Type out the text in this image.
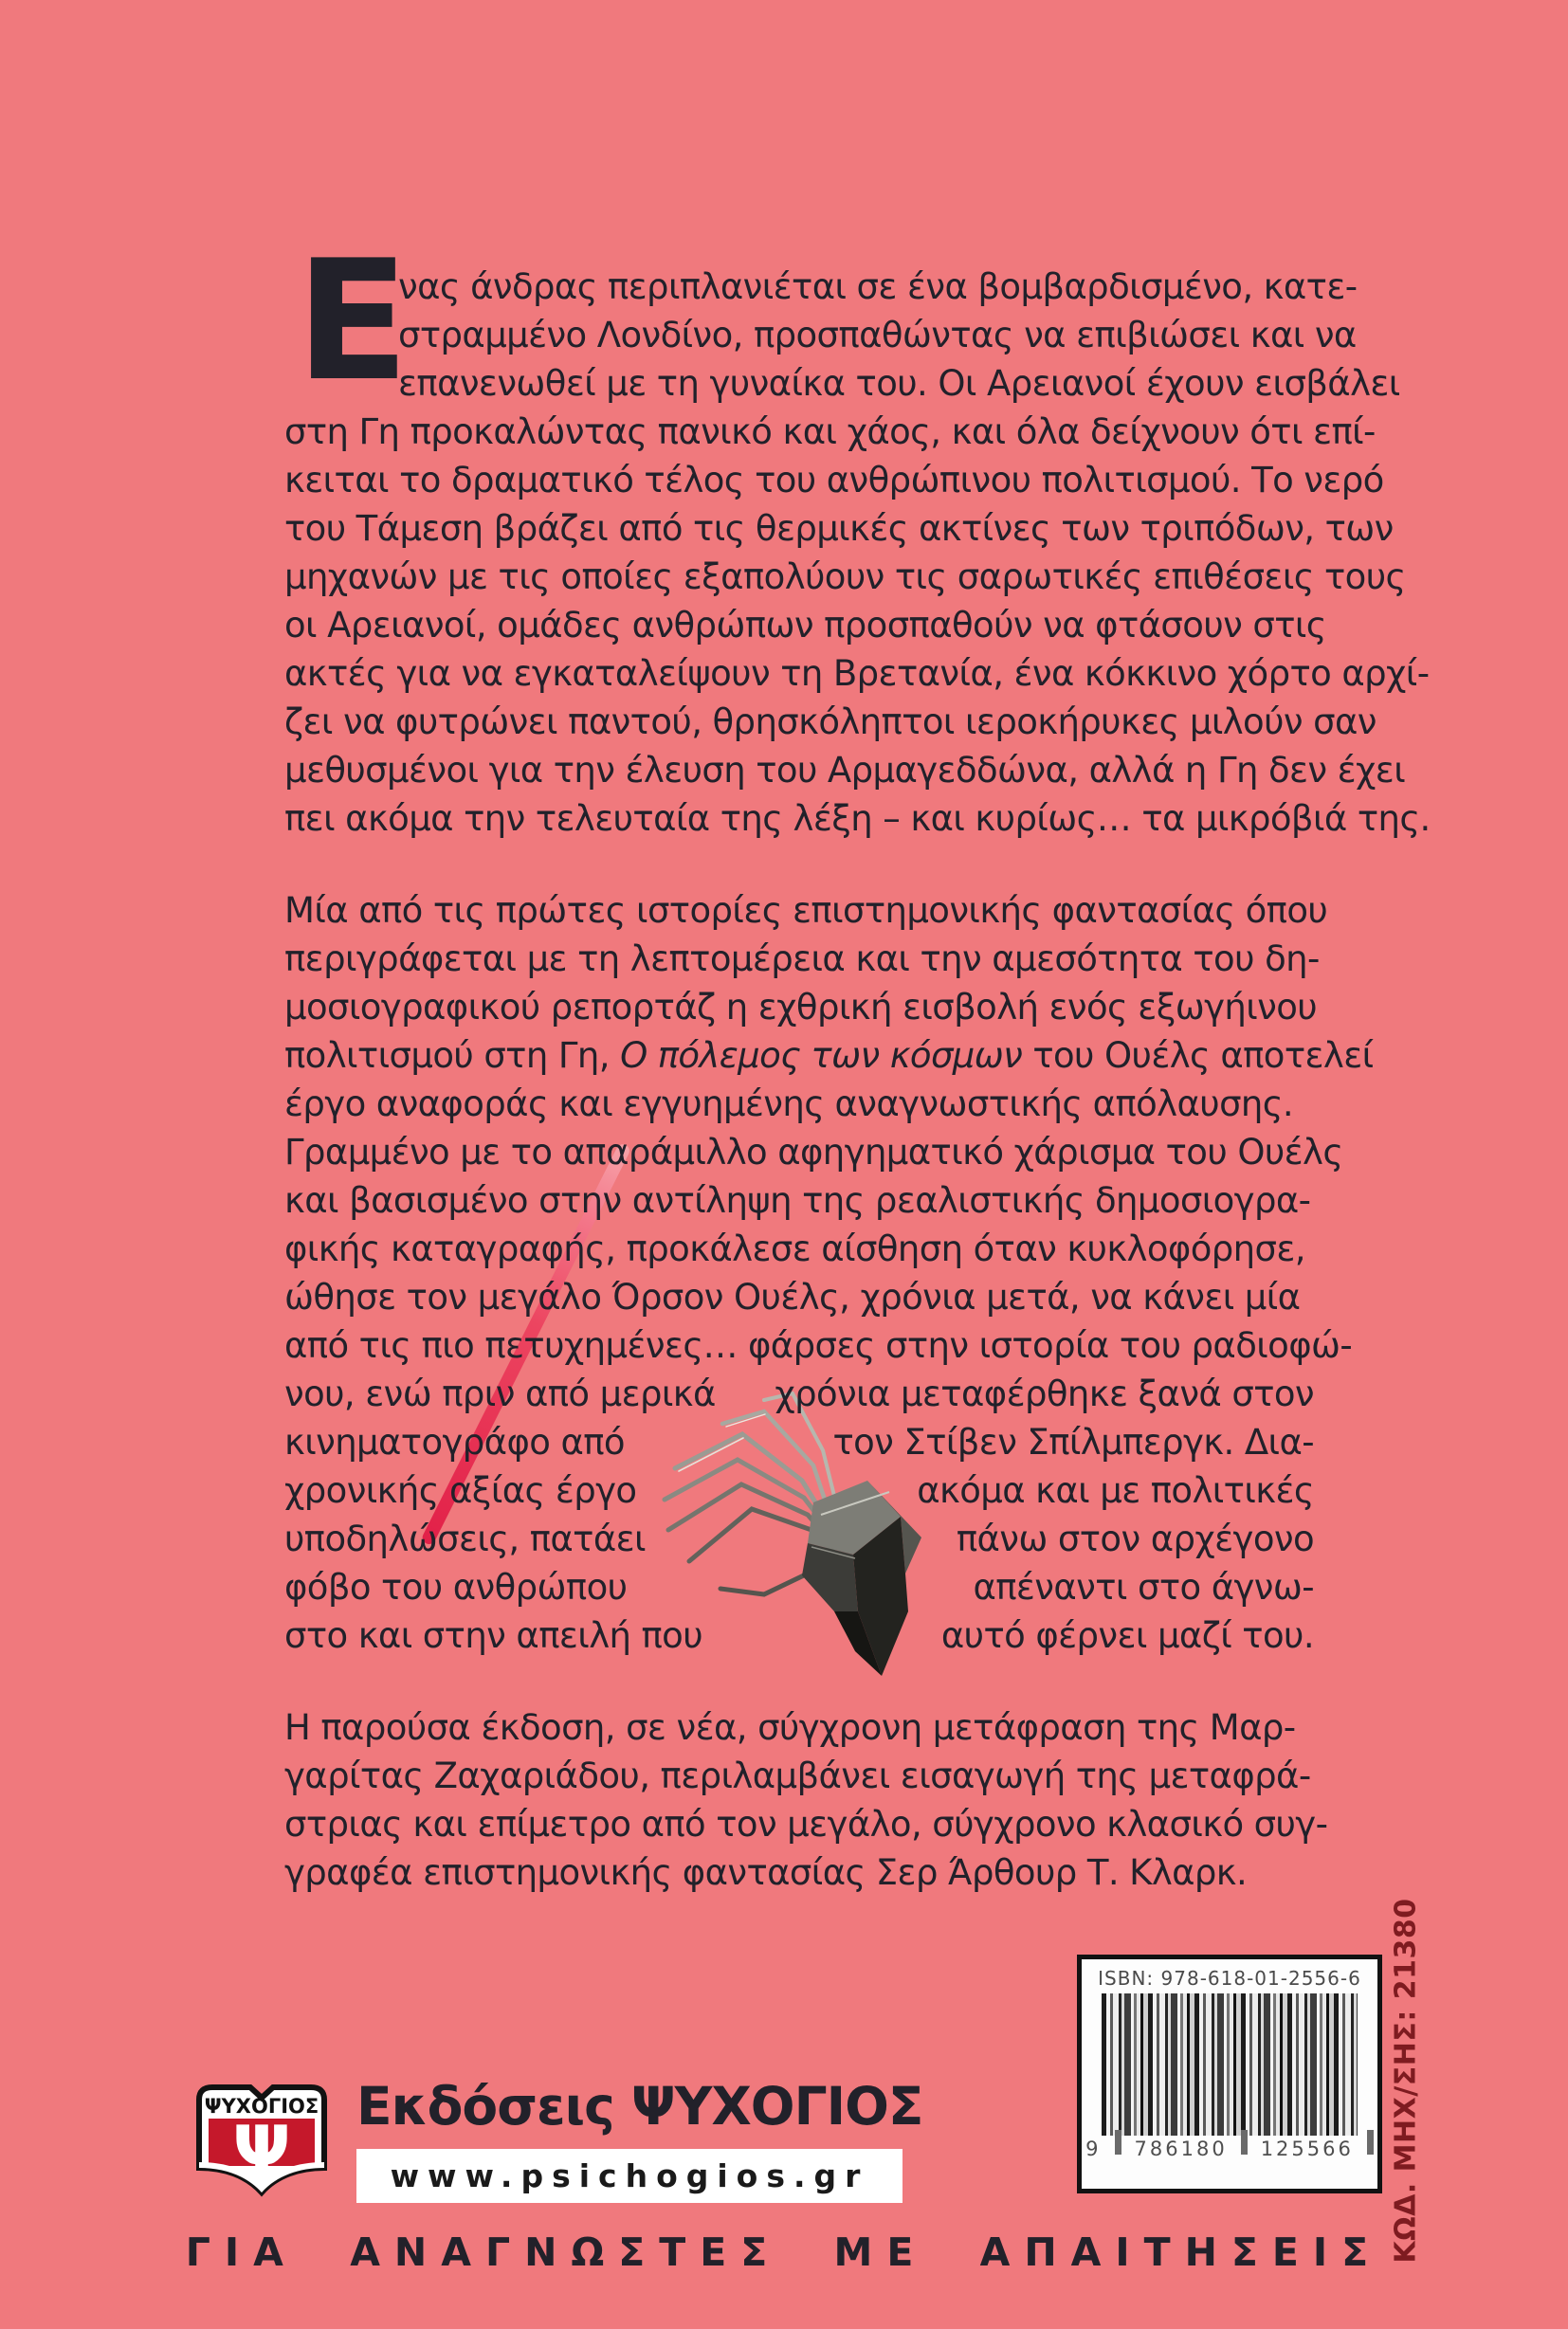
Ε
νας άνδρας περιπλανιέται σε ένα βομβαρδισμένο, κατε-
στραμμένο Λονδίνο, προσπαθώντας να επιβιώσει και να
επανενωθεί με τη γυναίκα του. Οι Αρειανοί έχουν εισβάλει
στη Γη προκαλώντας πανικό και χάος, και όλα δείχνουν ότι επί-
κειται το δραματικό τέλος του ανθρώπινου πολιτισμού. Το νερό
του Τάμεση βράζει από τις θερμικές ακτίνες των τριπόδων, των
μηχανών με τις οποίες εξαπολύουν τις σαρωτικές επιθέσεις τους
οι Αρειανοί, ομάδες ανθρώπων προσπαθούν να φτάσουν στις
ακτές για να εγκαταλείψουν τη Βρετανία, ένα κόκκινο χόρτο αρχί-
ζει να φυτρώνει παντού, θρησκόληπτοι ιεροκήρυκες μιλούν σαν
μεθυσμένοι για την έλευση του Αρμαγεδδώνα, αλλά η Γη δεν έχει
πει ακόμα την τελευταία της λέξη – και κυρίως… τα μικρόβιά της.
Μία από τις πρώτες ιστορίες επιστημονικής φαντασίας όπου
περιγράφεται με τη λεπτομέρεια και την αμεσότητα του δη-
μοσιογραφικού ρεπορτάζ η εχθρική εισβολή ενός εξωγήινου
πολιτισμού στη Γη, Ο πόλεμος των κόσμων του Ουέλς αποτελεί
έργο αναφοράς και εγγυημένης αναγνωστικής απόλαυσης.
Γραμμένο με το απαράμιλλο αφηγηματικό χάρισμα του Ουέλς
και βασισμένο στην αντίληψη της ρεαλιστικής δημοσιογρα-
φικής καταγραφής, προκάλεσε αίσθηση όταν κυκλοφόρησε,
ώθησε τον μεγάλο Όρσον Ουέλς, χρόνια μετά, να κάνει μία
από τις πιο πετυχημένες… φάρσες στην ιστορία του ραδιοφώ-
νου, ενώ πριν από μερικά χρόνια μεταφέρθηκε ξανά στον
κινηματογράφο από	τον Στίβεν Σπίλμπεργκ. Δια-
χρονικής αξίας έργο	ακόμα και με πολιτικές
υποδηλώσεις, πατάει	πάνω στον αρχέγονο
φόβο του ανθρώπου	απέναντι στο άγνω-
στο και στην απειλή που	αυτό φέρνει μαζί του.
Η παρούσα έκδοση, σε νέα, σύγχρονη μετάφραση της Μαρ-
γαρίτας Ζαχαριάδου, περιλαμβάνει εισαγωγή της μεταφρά-
στριας και επίμετρο από τον μεγάλο, σύγχρονο κλασικό συγ-
γραφέα επιστημονικής φαντασίας Σερ Άρθουρ Τ. Κλαρκ.
Ψ
ΨΥΧΟΓΙΟΣ Εκδόσεις ΨΥΧΟΓΙΟΣ
www.psichogios.gr
ISBN: 978-618-01-2556-6
9 786180 125566 ΚΩΔ. ΜΗΧ/ΣΗΣ: 21380
ΓΙΑ ΑΝΑΓΝΩΣΤΕΣ ΜΕ ΑΠΑΙΤΗΣΕΙΣ
